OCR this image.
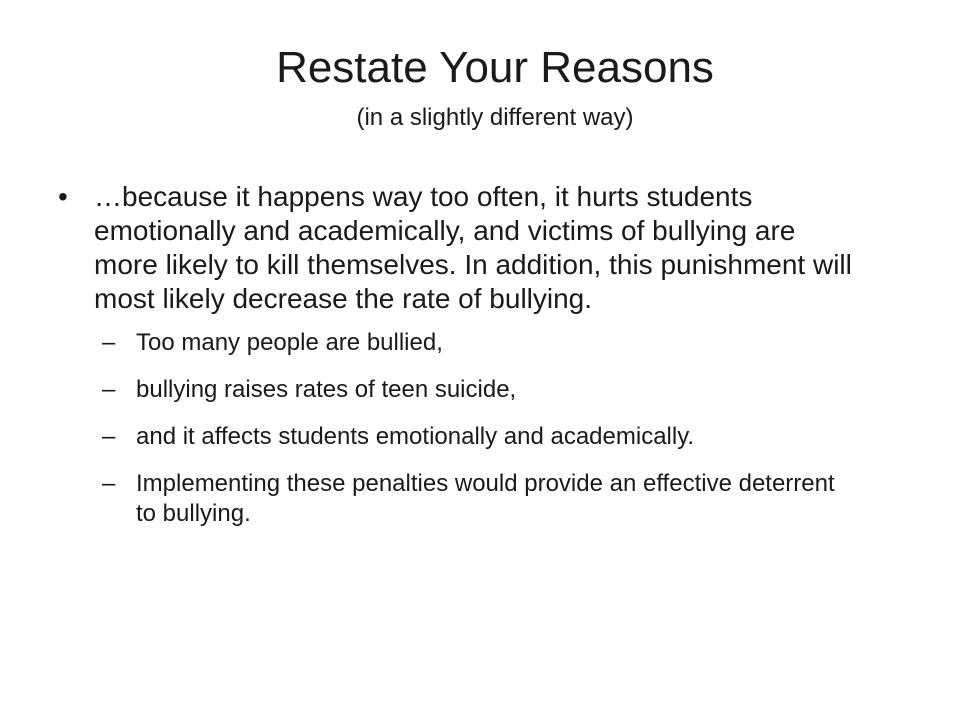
Restate Your Reasons
(in a slightly different way)
• …because it happens way too often, it hurts students emotionally and academically, and victims of bullying are more likely to kill themselves. In addition, this punishment will most likely decrease the rate of bullying.
– Too many people are bullied,
– bullying raises rates of teen suicide,
– and it affects students emotionally and academically.
– Implementing these penalties would provide an effective deterrent to bullying.
